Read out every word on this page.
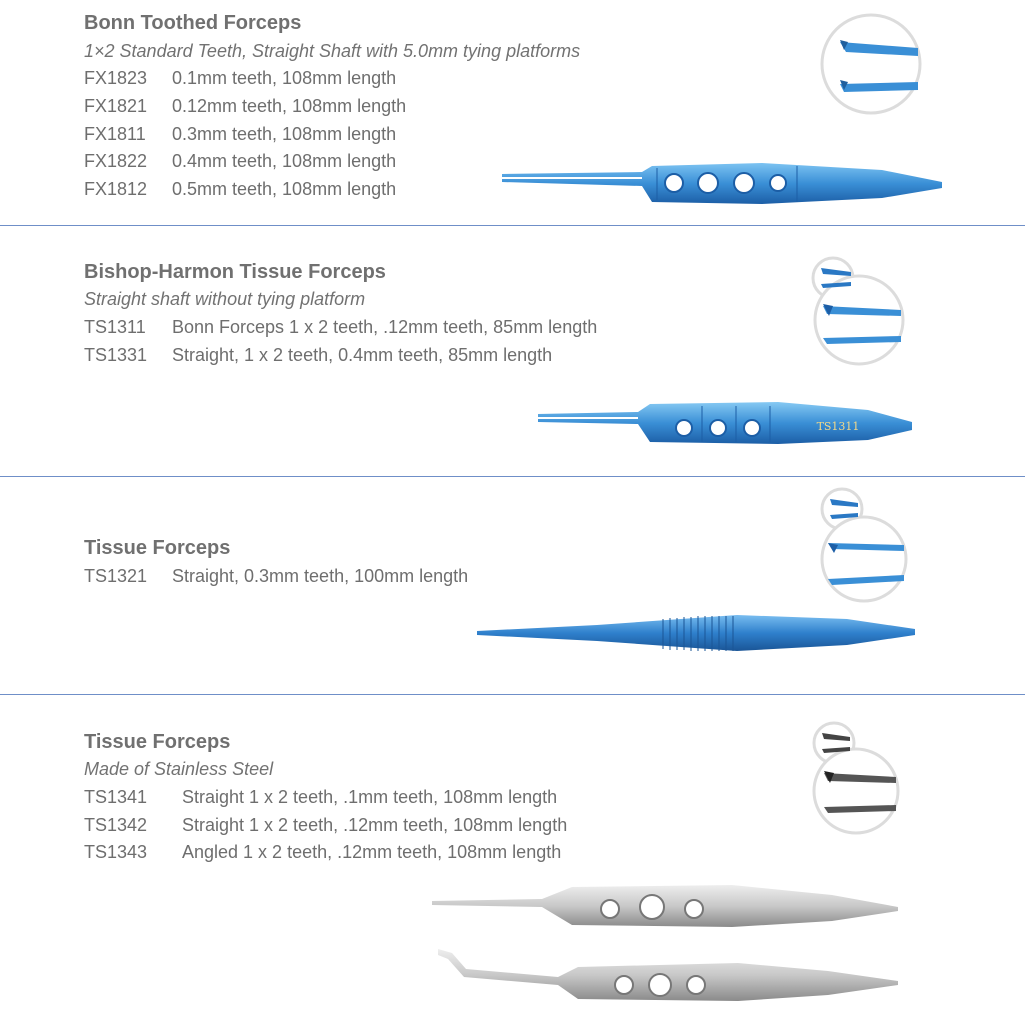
Bonn Toothed Forceps
1×2 Standard Teeth, Straight Shaft with 5.0mm tying platforms
FX1823 0.1mm teeth, 108mm length
FX1821 0.12mm teeth, 108mm length
FX1811 0.3mm teeth, 108mm length
FX1822 0.4mm teeth, 108mm length
FX1812 0.5mm teeth, 108mm length
Bishop-Harmon Tissue Forceps
Straight shaft without tying platform
TS1311 Bonn Forceps 1 x 2 teeth, .12mm teeth, 85mm length
TS1331 Straight, 1 x 2 teeth, 0.4mm teeth, 85mm length
TS1311
Tissue Forceps
TS1321 Straight, 0.3mm teeth, 100mm length
Tissue Forceps
Made of Stainless Steel
TS1341 Straight 1 x 2 teeth, .1mm teeth, 108mm length
TS1342 Straight 1 x 2 teeth, .12mm teeth, 108mm length
TS1343 Angled 1 x 2 teeth, .12mm teeth, 108mm length
